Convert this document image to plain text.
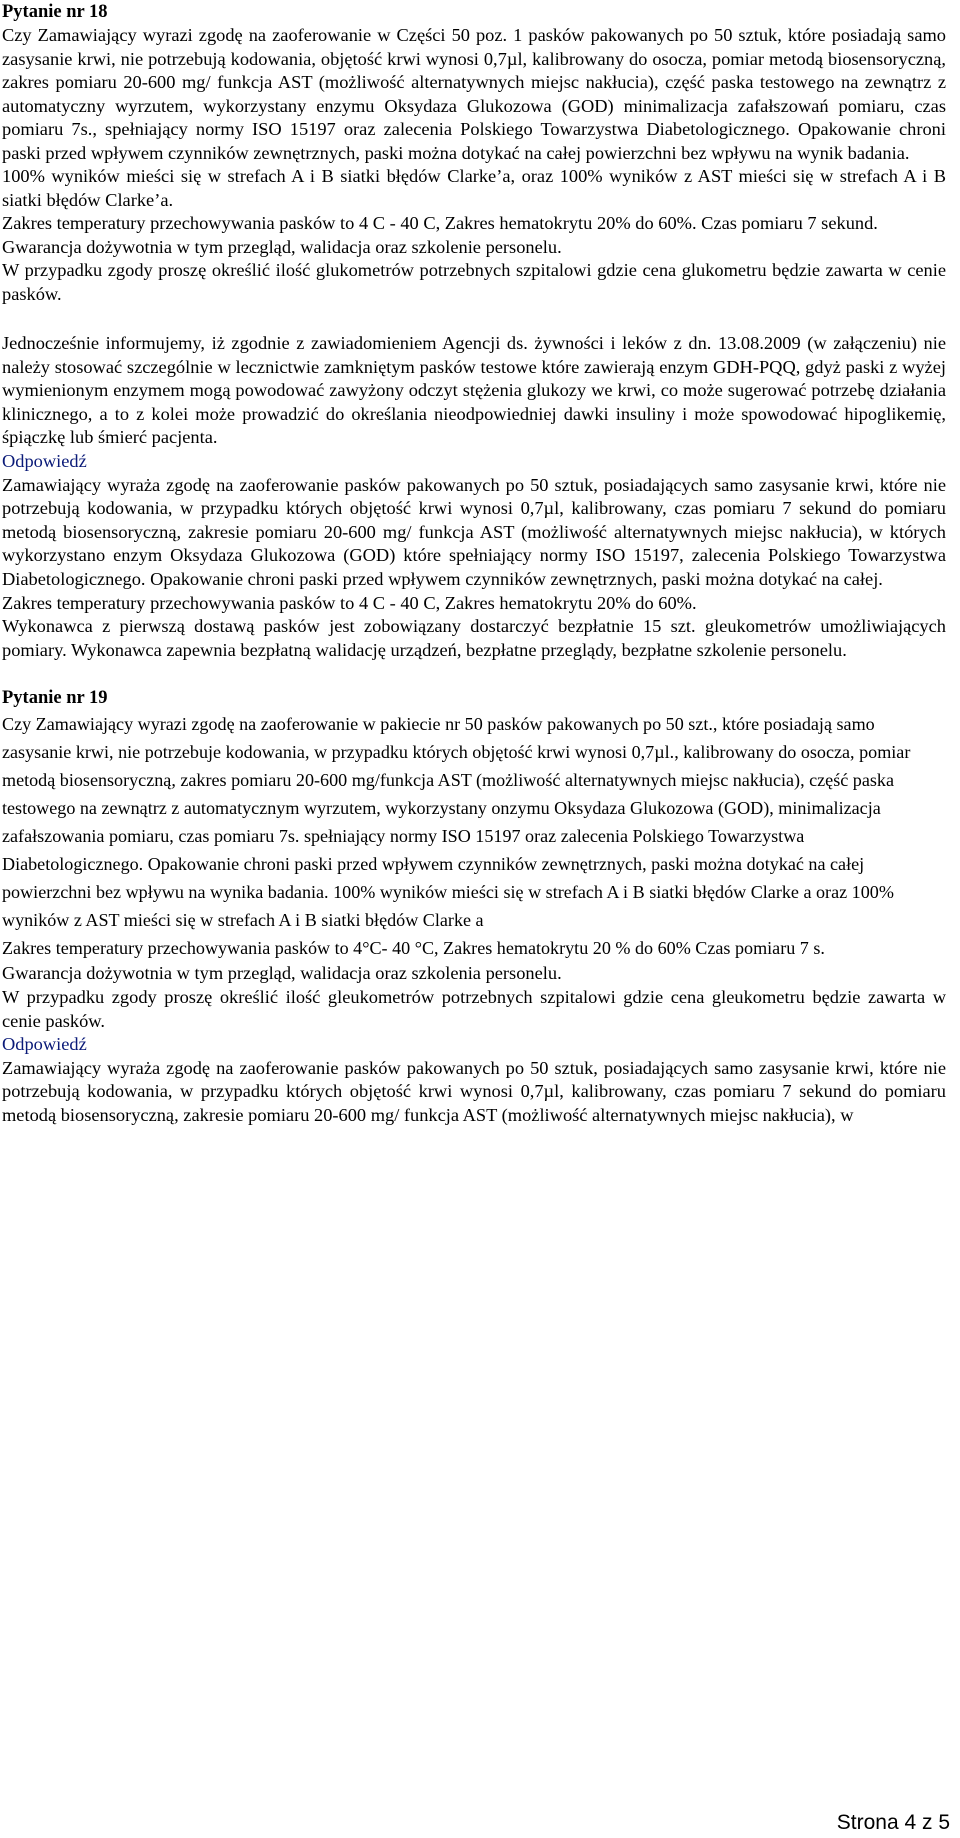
Pytanie nr 18

Czy Zamawiający wyrazi zgodę na zaoferowanie w Części 50 poz. 1 pasków pakowanych po 50 sztuk, które posiadają samo zasysanie krwi, nie potrzebują kodowania, objętość krwi wynosi 0,7µl, kalibrowany do osocza, pomiar metodą biosensoryczną, zakres pomiaru 20-600 mg/ funkcja AST (możliwość alternatywnych miejsc nakłucia), część paska testowego na zewnątrz z automatyczny wyrzutem, wykorzystany enzymu Oksydaza Glukozowa (GOD) minimalizacja zafałszowań pomiaru, czas pomiaru 7s., spełniający normy ISO 15197 oraz zalecenia Polskiego Towarzystwa Diabetologicznego. Opakowanie chroni paski przed wpływem czynników zewnętrznych, paski można dotykać na całej powierzchni bez wpływu na wynik badania.

100% wyników mieści się w strefach A i B siatki błędów Clarke’a, oraz 100% wyników z AST mieści się w strefach A i B siatki błędów Clarke’a.

Zakres temperatury przechowywania pasków to 4 C - 40 C, Zakres hematokrytu 20% do 60%. Czas pomiaru 7 sekund.

Gwarancja dożywotnia w tym przegląd, walidacja oraz szkolenie personelu.

W przypadku zgody proszę określić ilość glukometrów potrzebnych szpitalowi gdzie cena glukometru będzie zawarta w cenie pasków.

Jednocześnie informujemy, iż zgodnie z zawiadomieniem Agencji ds. żywności i leków z dn. 13.08.2009 (w załączeniu) nie należy stosować szczególnie w lecznictwie zamkniętym pasków testowe które zawierają enzym GDH-PQQ, gdyż paski z wyżej wymienionym enzymem mogą powodować zawyżony odczyt stężenia glukozy we krwi, co może sugerować potrzebę działania klinicznego, a to z kolei może prowadzić do określania nieodpowiedniej dawki insuliny i może spowodować hipoglikemię, śpiączkę lub śmierć pacjenta.

Odpowiedź

Zamawiający wyraża zgodę na zaoferowanie pasków pakowanych po 50 sztuk, posiadających samo zasysanie krwi, które nie potrzebują kodowania, w przypadku których objętość krwi wynosi 0,7µl, kalibrowany, czas pomiaru 7 sekund do pomiaru metodą biosensoryczną, zakresie pomiaru 20-600 mg/ funkcja AST (możliwość alternatywnych miejsc nakłucia), w których wykorzystano enzym Oksydaza Glukozowa (GOD) które spełniający normy ISO 15197, zalecenia Polskiego Towarzystwa Diabetologicznego. Opakowanie chroni paski przed wpływem czynników zewnętrznych, paski można dotykać na całej.

Zakres temperatury przechowywania pasków to 4 C - 40 C, Zakres hematokrytu 20% do 60%.

Wykonawca z pierwszą dostawą pasków jest zobowiązany dostarczyć bezpłatnie 15 szt. gleukometrów umożliwiających pomiary. Wykonawca zapewnia bezpłatną walidację urządzeń, bezpłatne przeglądy, bezpłatne szkolenie personelu.

Pytanie nr 19

Czy Zamawiający wyrazi zgodę na zaoferowanie w pakiecie nr 50 pasków pakowanych po 50 szt., które posiadają samo zasysanie krwi, nie potrzebuje kodowania, w przypadku których objętość krwi wynosi 0,7µl., kalibrowany do osocza, pomiar metodą biosensoryczną, zakres pomiaru 20-600 mg/funkcja AST (możliwość alternatywnych miejsc nakłucia), część paska testowego na zewnątrz z automatycznym wyrzutem, wykorzystany onzymu Oksydaza Glukozowa (GOD), minimalizacja zafałszowania pomiaru, czas pomiaru 7s. spełniający normy ISO 15197 oraz zalecenia Polskiego Towarzystwa Diabetologicznego. Opakowanie chroni paski przed wpływem czynników zewnętrznych, paski można dotykać na całej powierzchni bez wpływu na wynika badania. 100% wyników mieści się w strefach A i B siatki błędów Clarke a oraz 100% wyników z AST mieści się w strefach A i B siatki błędów Clarke a

Zakres temperatury przechowywania pasków to 4°C- 40 °C, Zakres hematokrytu 20 % do 60% Czas pomiaru 7 s.

Gwarancja dożywotnia w tym przegląd, walidacja oraz szkolenia personelu.

W przypadku zgody proszę określić ilość gleukometrów potrzebnych szpitalowi gdzie cena gleukometru będzie zawarta w cenie pasków.

Odpowiedź

Zamawiający wyraża zgodę na zaoferowanie pasków pakowanych po 50 sztuk, posiadających samo zasysanie krwi, które nie potrzebują kodowania, w przypadku których objętość krwi wynosi 0,7µl, kalibrowany, czas pomiaru 7 sekund do pomiaru metodą biosensoryczną, zakresie pomiaru 20-600 mg/ funkcja AST (możliwość alternatywnych miejsc nakłucia), w

Strona 4 z 5
